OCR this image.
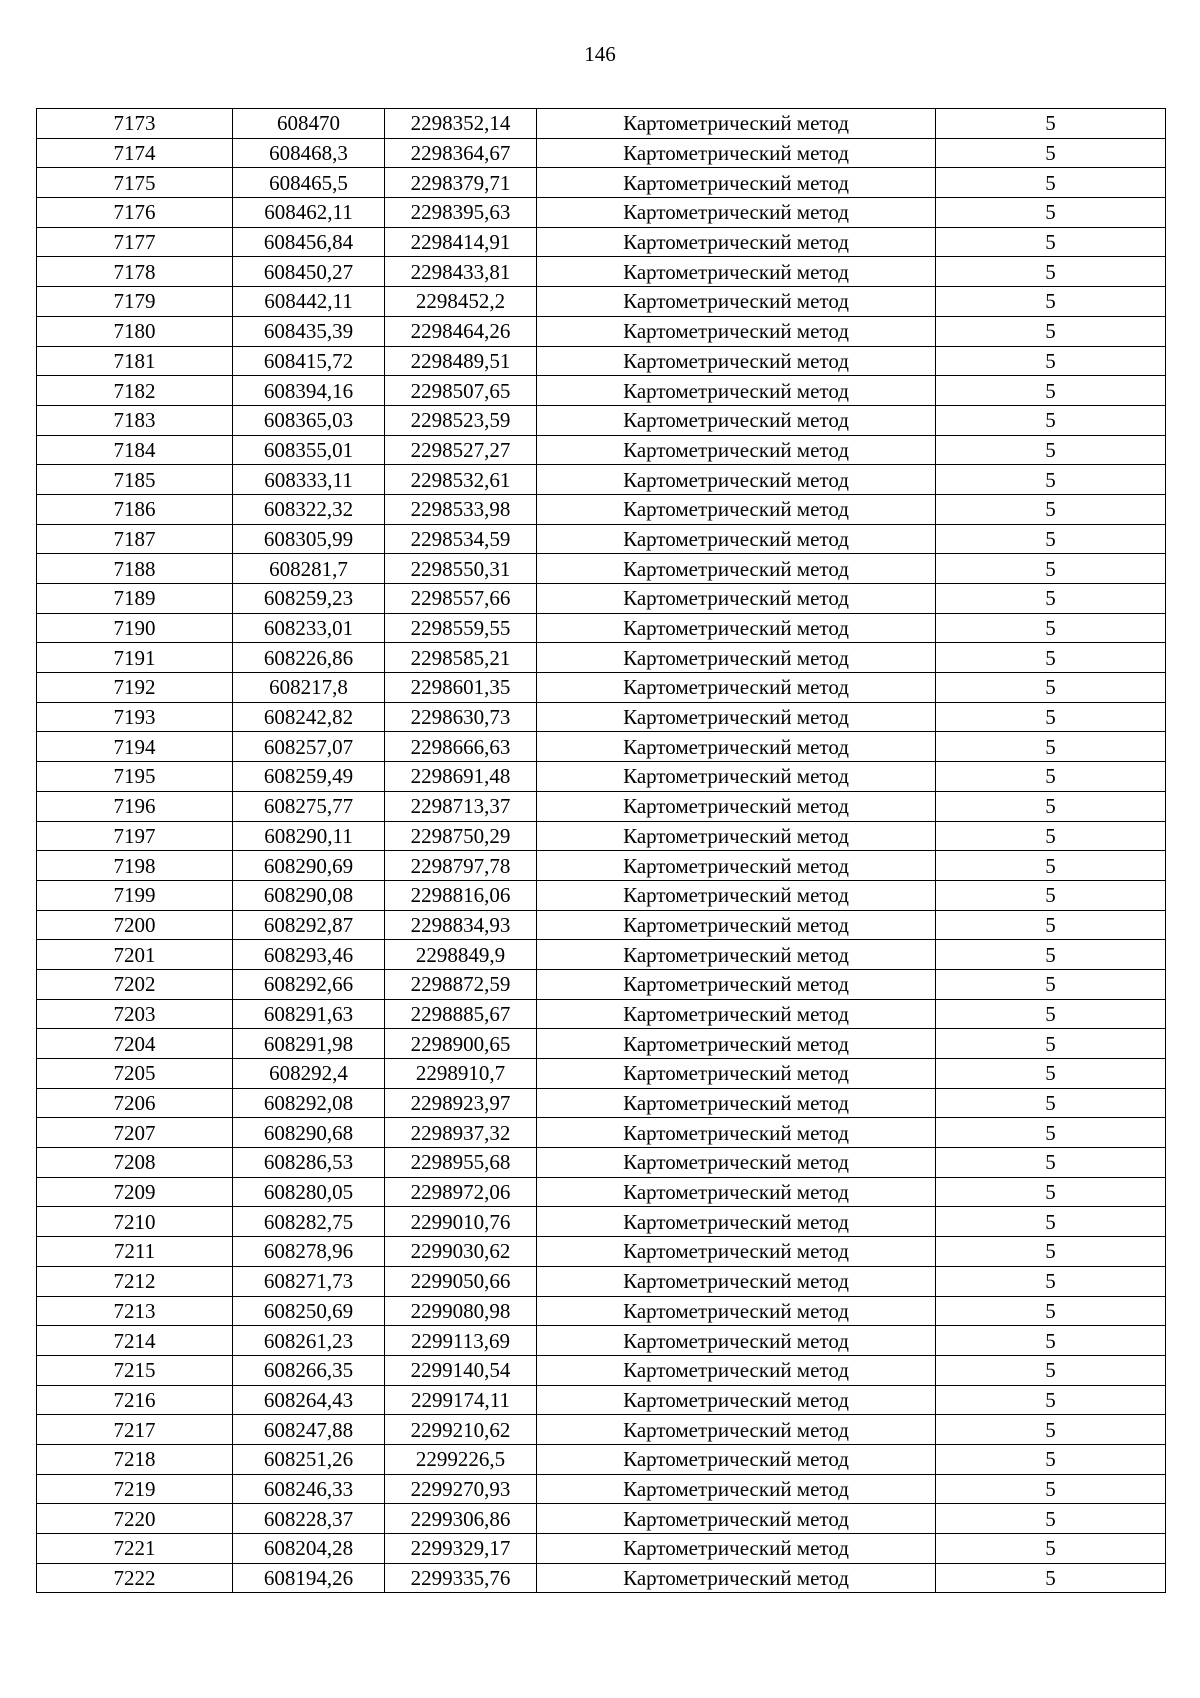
146
7173	608470	2298352,14	Картометрический метод	5
7174	608468,3	2298364,67	Картометрический метод	5
7175	608465,5	2298379,71	Картометрический метод	5
7176	608462,11	2298395,63	Картометрический метод	5
7177	608456,84	2298414,91	Картометрический метод	5
7178	608450,27	2298433,81	Картометрический метод	5
7179	608442,11	2298452,2	Картометрический метод	5
7180	608435,39	2298464,26	Картометрический метод	5
7181	608415,72	2298489,51	Картометрический метод	5
7182	608394,16	2298507,65	Картометрический метод	5
7183	608365,03	2298523,59	Картометрический метод	5
7184	608355,01	2298527,27	Картометрический метод	5
7185	608333,11	2298532,61	Картометрический метод	5
7186	608322,32	2298533,98	Картометрический метод	5
7187	608305,99	2298534,59	Картометрический метод	5
7188	608281,7	2298550,31	Картометрический метод	5
7189	608259,23	2298557,66	Картометрический метод	5
7190	608233,01	2298559,55	Картометрический метод	5
7191	608226,86	2298585,21	Картометрический метод	5
7192	608217,8	2298601,35	Картометрический метод	5
7193	608242,82	2298630,73	Картометрический метод	5
7194	608257,07	2298666,63	Картометрический метод	5
7195	608259,49	2298691,48	Картометрический метод	5
7196	608275,77	2298713,37	Картометрический метод	5
7197	608290,11	2298750,29	Картометрический метод	5
7198	608290,69	2298797,78	Картометрический метод	5
7199	608290,08	2298816,06	Картометрический метод	5
7200	608292,87	2298834,93	Картометрический метод	5
7201	608293,46	2298849,9	Картометрический метод	5
7202	608292,66	2298872,59	Картометрический метод	5
7203	608291,63	2298885,67	Картометрический метод	5
7204	608291,98	2298900,65	Картометрический метод	5
7205	608292,4	2298910,7	Картометрический метод	5
7206	608292,08	2298923,97	Картометрический метод	5
7207	608290,68	2298937,32	Картометрический метод	5
7208	608286,53	2298955,68	Картометрический метод	5
7209	608280,05	2298972,06	Картометрический метод	5
7210	608282,75	2299010,76	Картометрический метод	5
7211	608278,96	2299030,62	Картометрический метод	5
7212	608271,73	2299050,66	Картометрический метод	5
7213	608250,69	2299080,98	Картометрический метод	5
7214	608261,23	2299113,69	Картометрический метод	5
7215	608266,35	2299140,54	Картометрический метод	5
7216	608264,43	2299174,11	Картометрический метод	5
7217	608247,88	2299210,62	Картометрический метод	5
7218	608251,26	2299226,5	Картометрический метод	5
7219	608246,33	2299270,93	Картометрический метод	5
7220	608228,37	2299306,86	Картометрический метод	5
7221	608204,28	2299329,17	Картометрический метод	5
7222	608194,26	2299335,76	Картометрический метод	5
